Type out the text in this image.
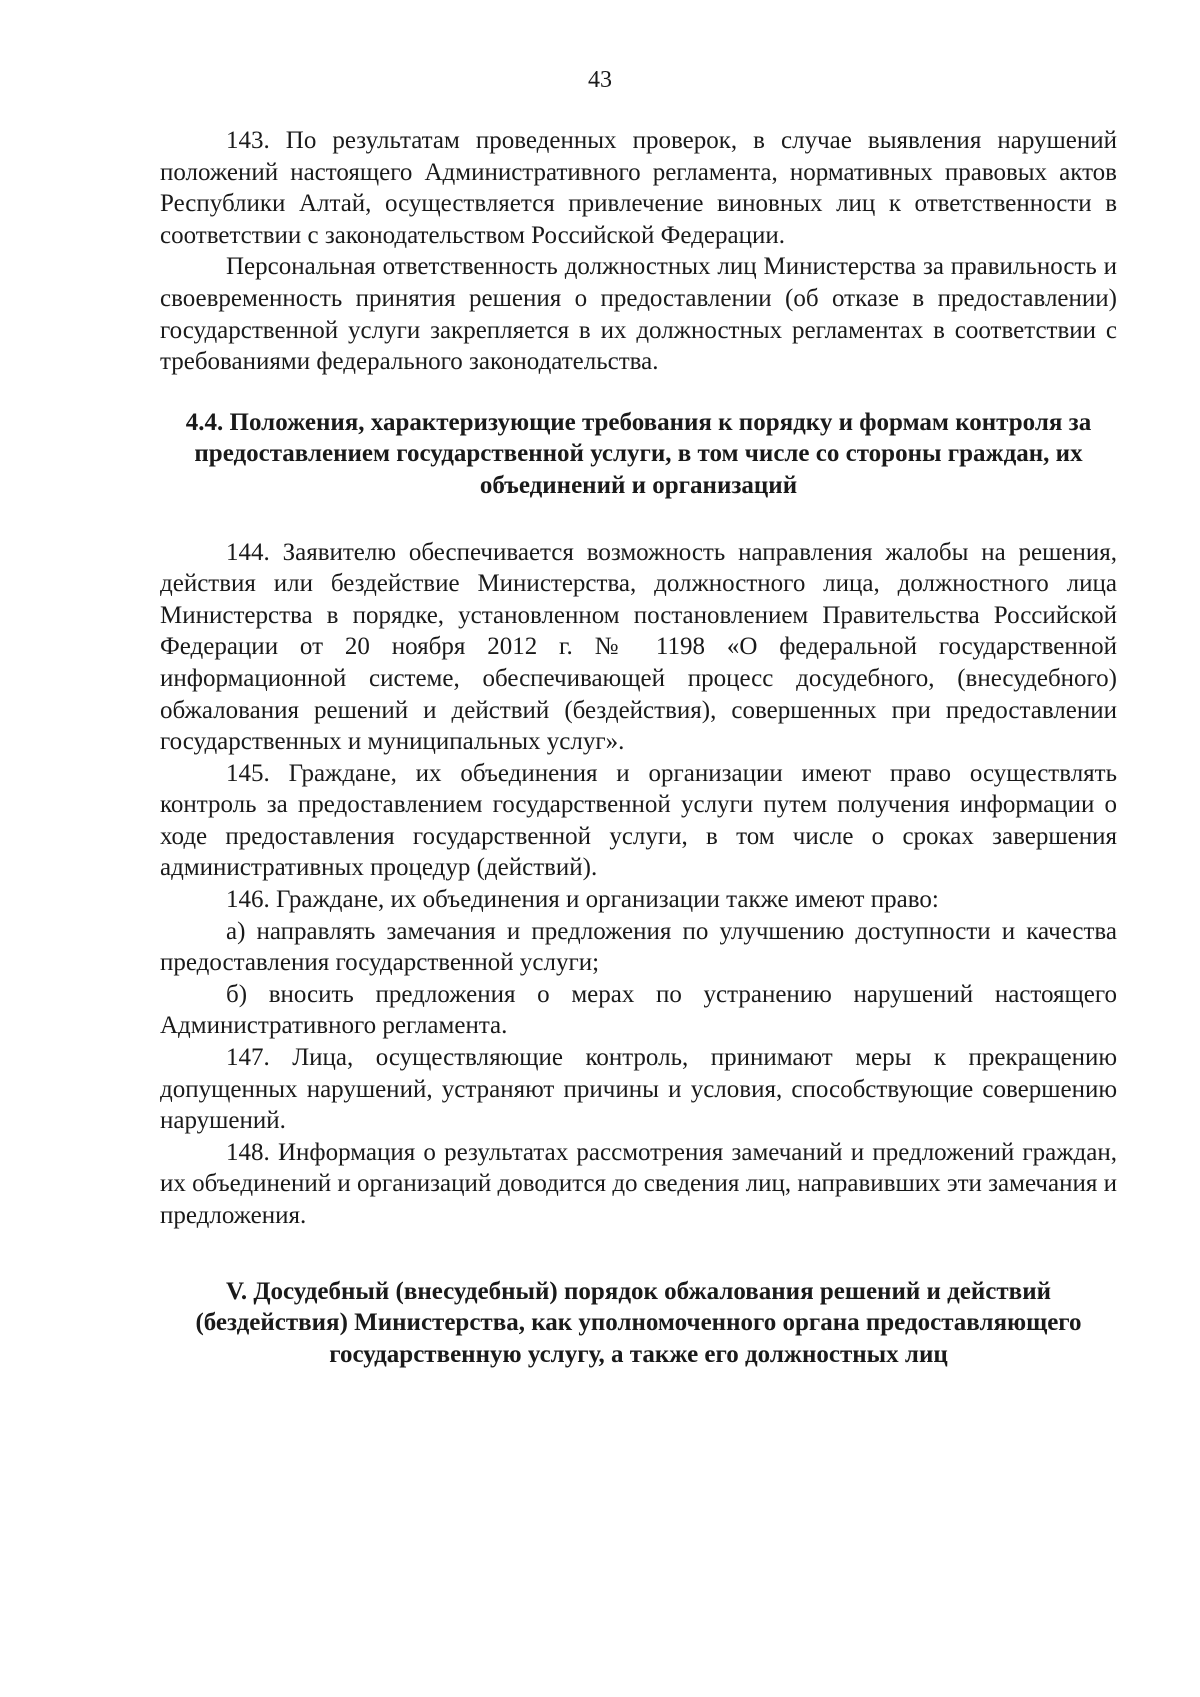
43

143. По результатам проведенных проверок, в случае выявления нарушений положений настоящего Административного регламента, нормативных правовых актов Республики Алтай, осуществляется привлечение виновных лиц к ответственности в соответствии с законодательством Российской Федерации.

Персональная ответственность должностных лиц Министерства за правильность и своевременность принятия решения о предоставлении (об отказе в предоставлении) государственной услуги закрепляется в их должностных регламентах в соответствии с требованиями федерального законодательства.

4.4. Положения, характеризующие требования к порядку и формам контроля за предоставлением государственной услуги, в том числе со стороны граждан, их объединений и организаций

144. Заявителю обеспечивается возможность направления жалобы на решения, действия или бездействие Министерства, должностного лица, должностного лица Министерства в порядке, установленном постановлением Правительства Российской Федерации от 20 ноября 2012 г. № 1198 «О федеральной государственной информационной системе, обеспечивающей процесс досудебного, (внесудебного) обжалования решений и действий (бездействия), совершенных при предоставлении государственных и муниципальных услуг».

145. Граждане, их объединения и организации имеют право осуществлять контроль за предоставлением государственной услуги путем получения информации о ходе предоставления государственной услуги, в том числе о сроках завершения административных процедур (действий).

146. Граждане, их объединения и организации также имеют право:

а) направлять замечания и предложения по улучшению доступности и качества предоставления государственной услуги;

б) вносить предложения о мерах по устранению нарушений настоящего Административного регламента.

147. Лица, осуществляющие контроль, принимают меры к прекращению допущенных нарушений, устраняют причины и условия, способствующие совершению нарушений.

148. Информация о результатах рассмотрения замечаний и предложений граждан, их объединений и организаций доводится до сведения лиц, направивших эти замечания и предложения.

V. Досудебный (внесудебный) порядок обжалования решений и действий (бездействия) Министерства, как уполномоченного органа предоставляющего государственную услугу, а также его должностных лиц
